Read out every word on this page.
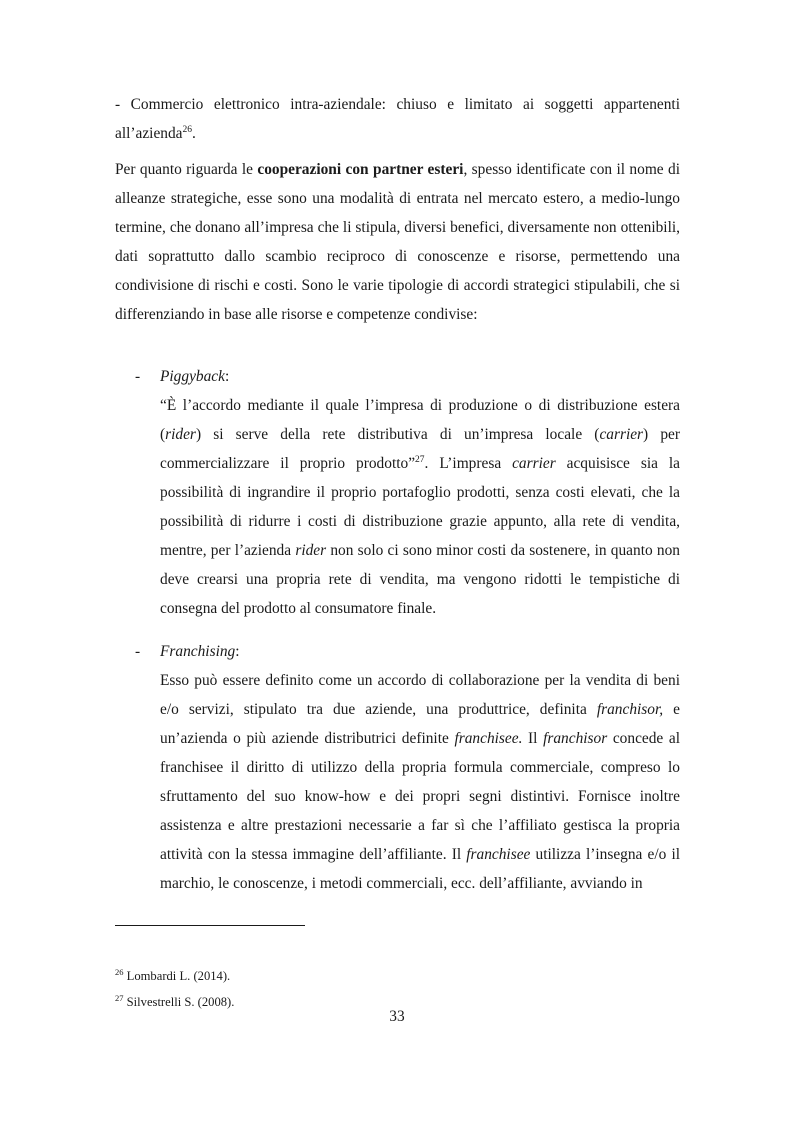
- Commercio elettronico intra-aziendale: chiuso e limitato ai soggetti appartenenti all’azienda$^{26}$.

Per quanto riguarda le cooperazioni con partner esteri, spesso identificate con il nome di alleanze strategiche, esse sono una modalità di entrata nel mercato estero, a medio-lungo termine, che donano all’impresa che li stipula, diversi benefici, diversamente non ottenibili, dati soprattutto dallo scambio reciproco di conoscenze e risorse, permettendo una condivisione di rischi e costi. Sono le varie tipologie di accordi strategici stipulabili, che si differenziando in base alle risorse e competenze condivise:

- Piggyback:
“È l’accordo mediante il quale l’impresa di produzione o di distribuzione estera (rider) si serve della rete distributiva di un’impresa locale (carrier) per commercializzare il proprio prodotto”$^{27}$. L’impresa carrier acquisisce sia la possibilità di ingrandire il proprio portafoglio prodotti, senza costi elevati, che la possibilità di ridurre i costi di distribuzione grazie appunto, alla rete di vendita, mentre, per l’azienda rider non solo ci sono minor costi da sostenere, in quanto non deve crearsi una propria rete di vendita, ma vengono ridotti le tempistiche di consegna del prodotto al consumatore finale.

- Franchising:
Esso può essere definito come un accordo di collaborazione per la vendita di beni e/o servizi, stipulato tra due aziende, una produttrice, definita franchisor, e un’azienda o più aziende distributrici definite franchisee. Il franchisor concede al franchisee il diritto di utilizzo della propria formula commerciale, compreso lo sfruttamento del suo know-how e dei propri segni distintivi. Fornisce inoltre assistenza e altre prestazioni necessarie a far sì che l’affiliato gestisca la propria attività con la stessa immagine dell’affiliante. Il franchisee utilizza l’insegna e/o il marchio, le conoscenze, i metodi commerciali, ecc. dell’affiliante, avviando in

$^{26}$ Lombardi L. (2014).
$^{27}$ Silvestrelli S. (2008).
33
